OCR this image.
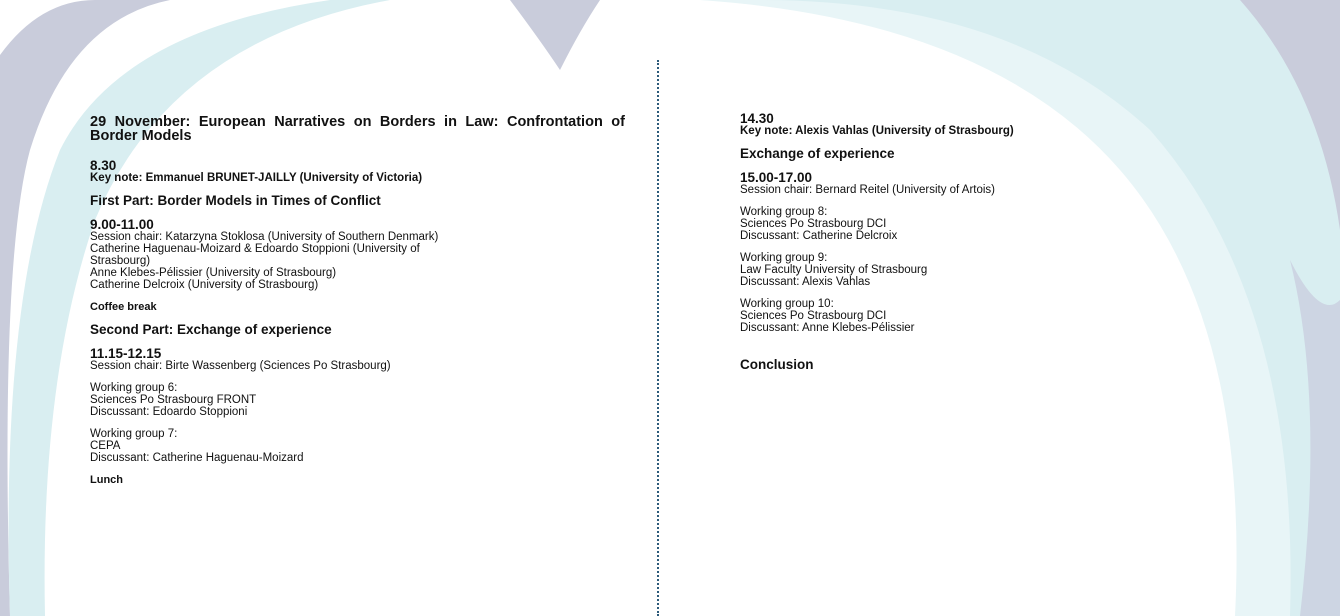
29 November: European Narratives on Borders in Law: Confrontation of Border Models
8.30
Key note: Emmanuel BRUNET-JAILLY (University of Victoria)
First Part: Border Models in Times of Conflict
9.00-11.00
Session chair: Katarzyna Stoklosa (University of Southern Denmark)
Catherine Haguenau-Moizard & Edoardo Stoppioni (University of
Strasbourg)
Anne Klebes-Pélissier (University of Strasbourg)
Catherine Delcroix (University of Strasbourg)
Coffee break
Second Part: Exchange of experience
11.15-12.15
Session chair: Birte Wassenberg (Sciences Po Strasbourg)
Working group 6:
Sciences Po Strasbourg FRONT
Discussant: Edoardo Stoppioni
Working group 7:
CEPA
Discussant: Catherine Haguenau-Moizard
Lunch
14.30
Key note: Alexis Vahlas (University of Strasbourg)
Exchange of experience
15.00-17.00
Session chair: Bernard Reitel (University of Artois)
Working group 8:
Sciences Po Strasbourg DCI
Discussant: Catherine Delcroix
Working group 9:
Law Faculty University of Strasbourg
Discussant: Alexis Vahlas
Working group 10:
Sciences Po Strasbourg DCI
Discussant: Anne Klebes-Pélissier
Conclusion
